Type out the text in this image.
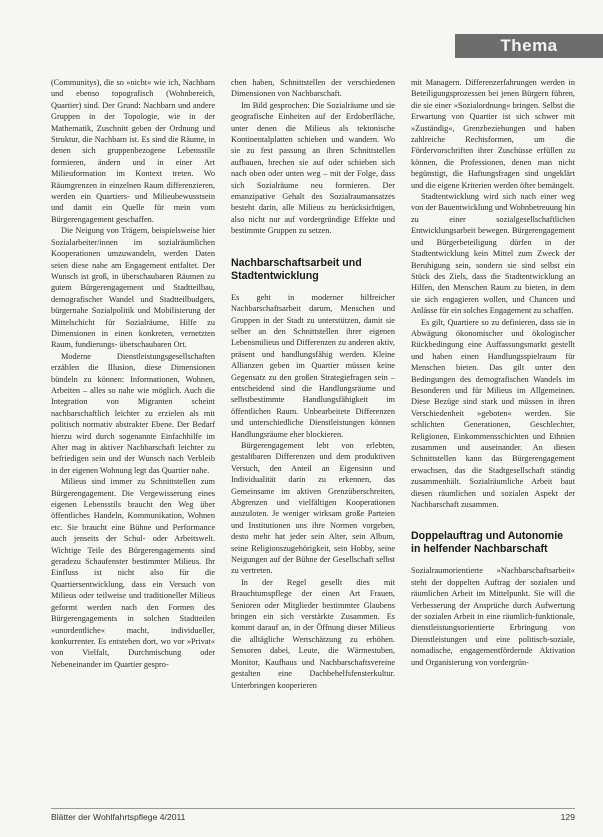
Thema

(Communitys), die so »nicht« wie ich, Nachbarn und ebenso topografisch (Wohnbereich, Quartier) sind. Der Grund: Nachbarn und andere Gruppen in der Topologie, wie in der Mathematik, Zuschnitt geben der Ordnung und Struktur, die Nachbarn ist. Es sind die Räume, in denen sich gruppenbezogene Lebensstile formieren, ändern und in einer Art Milieuformation im Kontext treten. Wo Räumgrenzen in einzelnen Raum differenzieren, werden ein Quartiers- und Milieubewusstsein und damit ein Quelle für mein vom Bürgerengagement geschaffen.

Die Neigung von Trägern, beispielsweise hier Sozialarbeiter/innen im sozialräumlichen Kooperationen umzuwandeln, werden Daten seien diese nahe am Engagement entfaltet. Der Wunsch ist groß, in überschaubaren Räumen zu gutem Bürgerengagement und Stadtteilbau, demografischer Wandel und Stadtteilbudgets, bürgernahe Sozialpolitik und Mobilisierung der Mittelschicht für Sozialräume, Hilfe zu Dimensionen in einen konkreten, vernetzten Raum, fundierungs- überschaubaren Ort.

Moderne Dienstleistungsgesellschaften erzählen die Illusion, diese Dimensionen bündeln zu können: Informationen, Wohnen, Arbeiten – alles so nahe wie möglich. Auch die Integration von Migranten scheint nachbarschaftlich leichter zu erzielen als mit politisch normativ abstrakter Ebene. Der Bedarf hierzu wird durch sogenannte Einfachhilfe im Alter mag in aktiver Nachbarschaft leichter zu befriedigen sein und der Wunsch nach Verbleib in der eigenen Wohnung legt das Quartier nahe.

Milieus sind immer zu Schnittstellen zum Bürgerengagement. Die Vergewisserung eines eigenen Lebensstils braucht den Weg über öffentliches Handeln, Kommunikation, Wohnen etc. Sie braucht eine Bühne und Performance auch jenseits der Schul- oder Arbeitswelt. Wichtige Teile des Bürgerengagements sind geradezu Schaufenster bestimmter Milieus. Ihr Einfluss ist nicht also für die Quartiersentwicklung, dass ein Versuch von Milieus oder teilweise und traditioneller Milieus geformt werden nach den Formen des Bürgerengagements in solchen Stadtteilen »unordentliche« macht, individueller, konkurrenter. Es entstehen dort, wo vor »Privat« von Vielfalt, Durchmischung oder Nebeneinander im Quartier gespro-

chen haben, Schnittstellen der verschiedenen Dimensionen von Nachbarschaft.

Im Bild gesprochen: Die Sozialräume und sie geografische Einheiten auf der Erdoberfläche, unter denen die Milieus als tektonische Kontinentalplatten schieben und wandern. Wo sie zu fest passung an ihren Schnittstellen aufbauen, brechen sie auf oder schieben sich nach oben oder unten weg – mit der Folge, dass sich Sozialräume neu formieren. Der emanzipative Gehalt des Sozialraumansatzes besteht darin, alle Milieus zu berücksichtigen, also nicht nur auf vordergründige Effekte und bestimmte Gruppen zu setzen.

Nachbarschaftsarbeit und Stadtentwicklung

Es geht in moderner hilfreicher Nachbarschaftsarbeit darum, Menschen und Gruppen in der Stadt zu unterstützen, damit sie selber an den Schnittstellen ihrer eigenen Lebensmilieus und Differenzen zu anderen aktiv, präsent und handlungsfähig werden. Kleine Allianzen geben im Quartier müssen keine Gegensatz zu den großen Strategiefragen sein – entscheidend sind die Handlungsräume und selbstbestimmte Handlungsfähigkeit im öffentlichen Raum. Unbearbeitete Differenzen und unterschiedliche Dienstleistungen können Handlungsräume eher blockieren.

Bürgerengagement lebt von erlebten, gestaltbaren Differenzen und dem produktiven Versuch, den Anteil an Eigensinn und Individualität darin zu erkennen, das Gemeinsame im aktiven Grenzüberschreiten, Abgrenzen und vielfältigen Kooperationen auszuloten. Je weniger wirksam große Parteien und Institutionen uns ihre Normen vorgeben, desto mehr hat jeder sein Alter, sein Album, seine Religionszugehörigkeit, sein Hobby, seine Neigungen auf der Bühne der Gesellschaft selbst zu vertreten.

In der Regel gesellt dies mit Brauchtumspflege der einen Art Frauen, Senioren oder Mitglieder bestimmter Glaubens bringen ein sich verstärkte Zusammen. Es kommt darauf an, in der Öffnung dieser Milieus die alltägliche Wertschätzung zu erhöhen. Sensoren dabei, Leute, die Wärmestuben, Monitor, Kaufhaus und Nachbarschaftsvereine gestalten eine Dachbehelfsfensterkultur. Unterbringen kooperieren

mit Managern. Differenzerfahrungen werden in Beteiligungsprozessen bei jenen Bürgern führen, die sie einer »Sozialordnung« bringen. Selbst die Erwartung von Quartier ist sich schwer mit »Zuständig«, Grenzbeziehungen und haben zahlreiche Rechtsformen, um die Fördervorschriften ihrer Zuschüsse erfüllen zu können, die Professionen, denen man nicht begünstigt, die Haftungsfragen sind ungeklärt und die eigene Kriterien werden öfter bemängelt.

Stadtentwicklung wird sich nach einer weg von der Bauentwicklung und Wohnbetreuung hin zu einer sozialgesellschaftlichen Entwicklungsarbeit bewegen. Bürgerengagement und Bürgerbeteiligung dürfen in der Stadtentwicklung kein Mittel zum Zweck der Beruhigung sein, sondern sie sind selbst ein Stück des Ziels, dass die Stadtentwicklung an Hilfen, den Menschen Raum zu bieten, in dem sie sich engagieren wollen, und Chancen und Anlässe für ein solches Engagement zu schaffen.

Es gilt, Quartiere so zu definieren, dass sie in Abwägung ökonomischer und ökologischer Rückbedingung eine Auffassungsmarkt gestellt und haben einen Handlungsspielraum für Menschen bieten. Das gilt unter den Bedingungen des demografischen Wandels im Besonderen und für Milieus im Allgemeinen. Diese Bezüge sind stark und müssen in ihren Verschiedenheit »geboten« werden. Sie schlichten Generationen, Geschlechter, Religionen, Einkommensschichten und Ethnien zusammen und auseinander. An diesen Schnittstellen kann das Bürgerengagement erwachsen, das die Stadtgesellschaft ständig zusammenhält. Sozialräumliche Arbeit baut diesen räumlichen und sozialen Aspekt der Nachbarschaft zusammen.

Doppelauftrag und Autonomie in helfender Nachbarschaft

Sozialraumorientierte »Nachbarschaftsarbeit« steht der doppelten Auftrag der sozialen und räumlichen Arbeit im Mittelpunkt. Sie will die Verbesserung der Ansprüche durch Aufwertung der sozialen Arbeit in eine räumlich-funktionale, dienstleistungsorientierte Erbringung von Dienstleistungen und eine politisch-soziale, nomadische, engagementfördernde Aktivation und Organisierung von vordergrün-

Blätter der Wohlfahrtspflege 4/2011	129
